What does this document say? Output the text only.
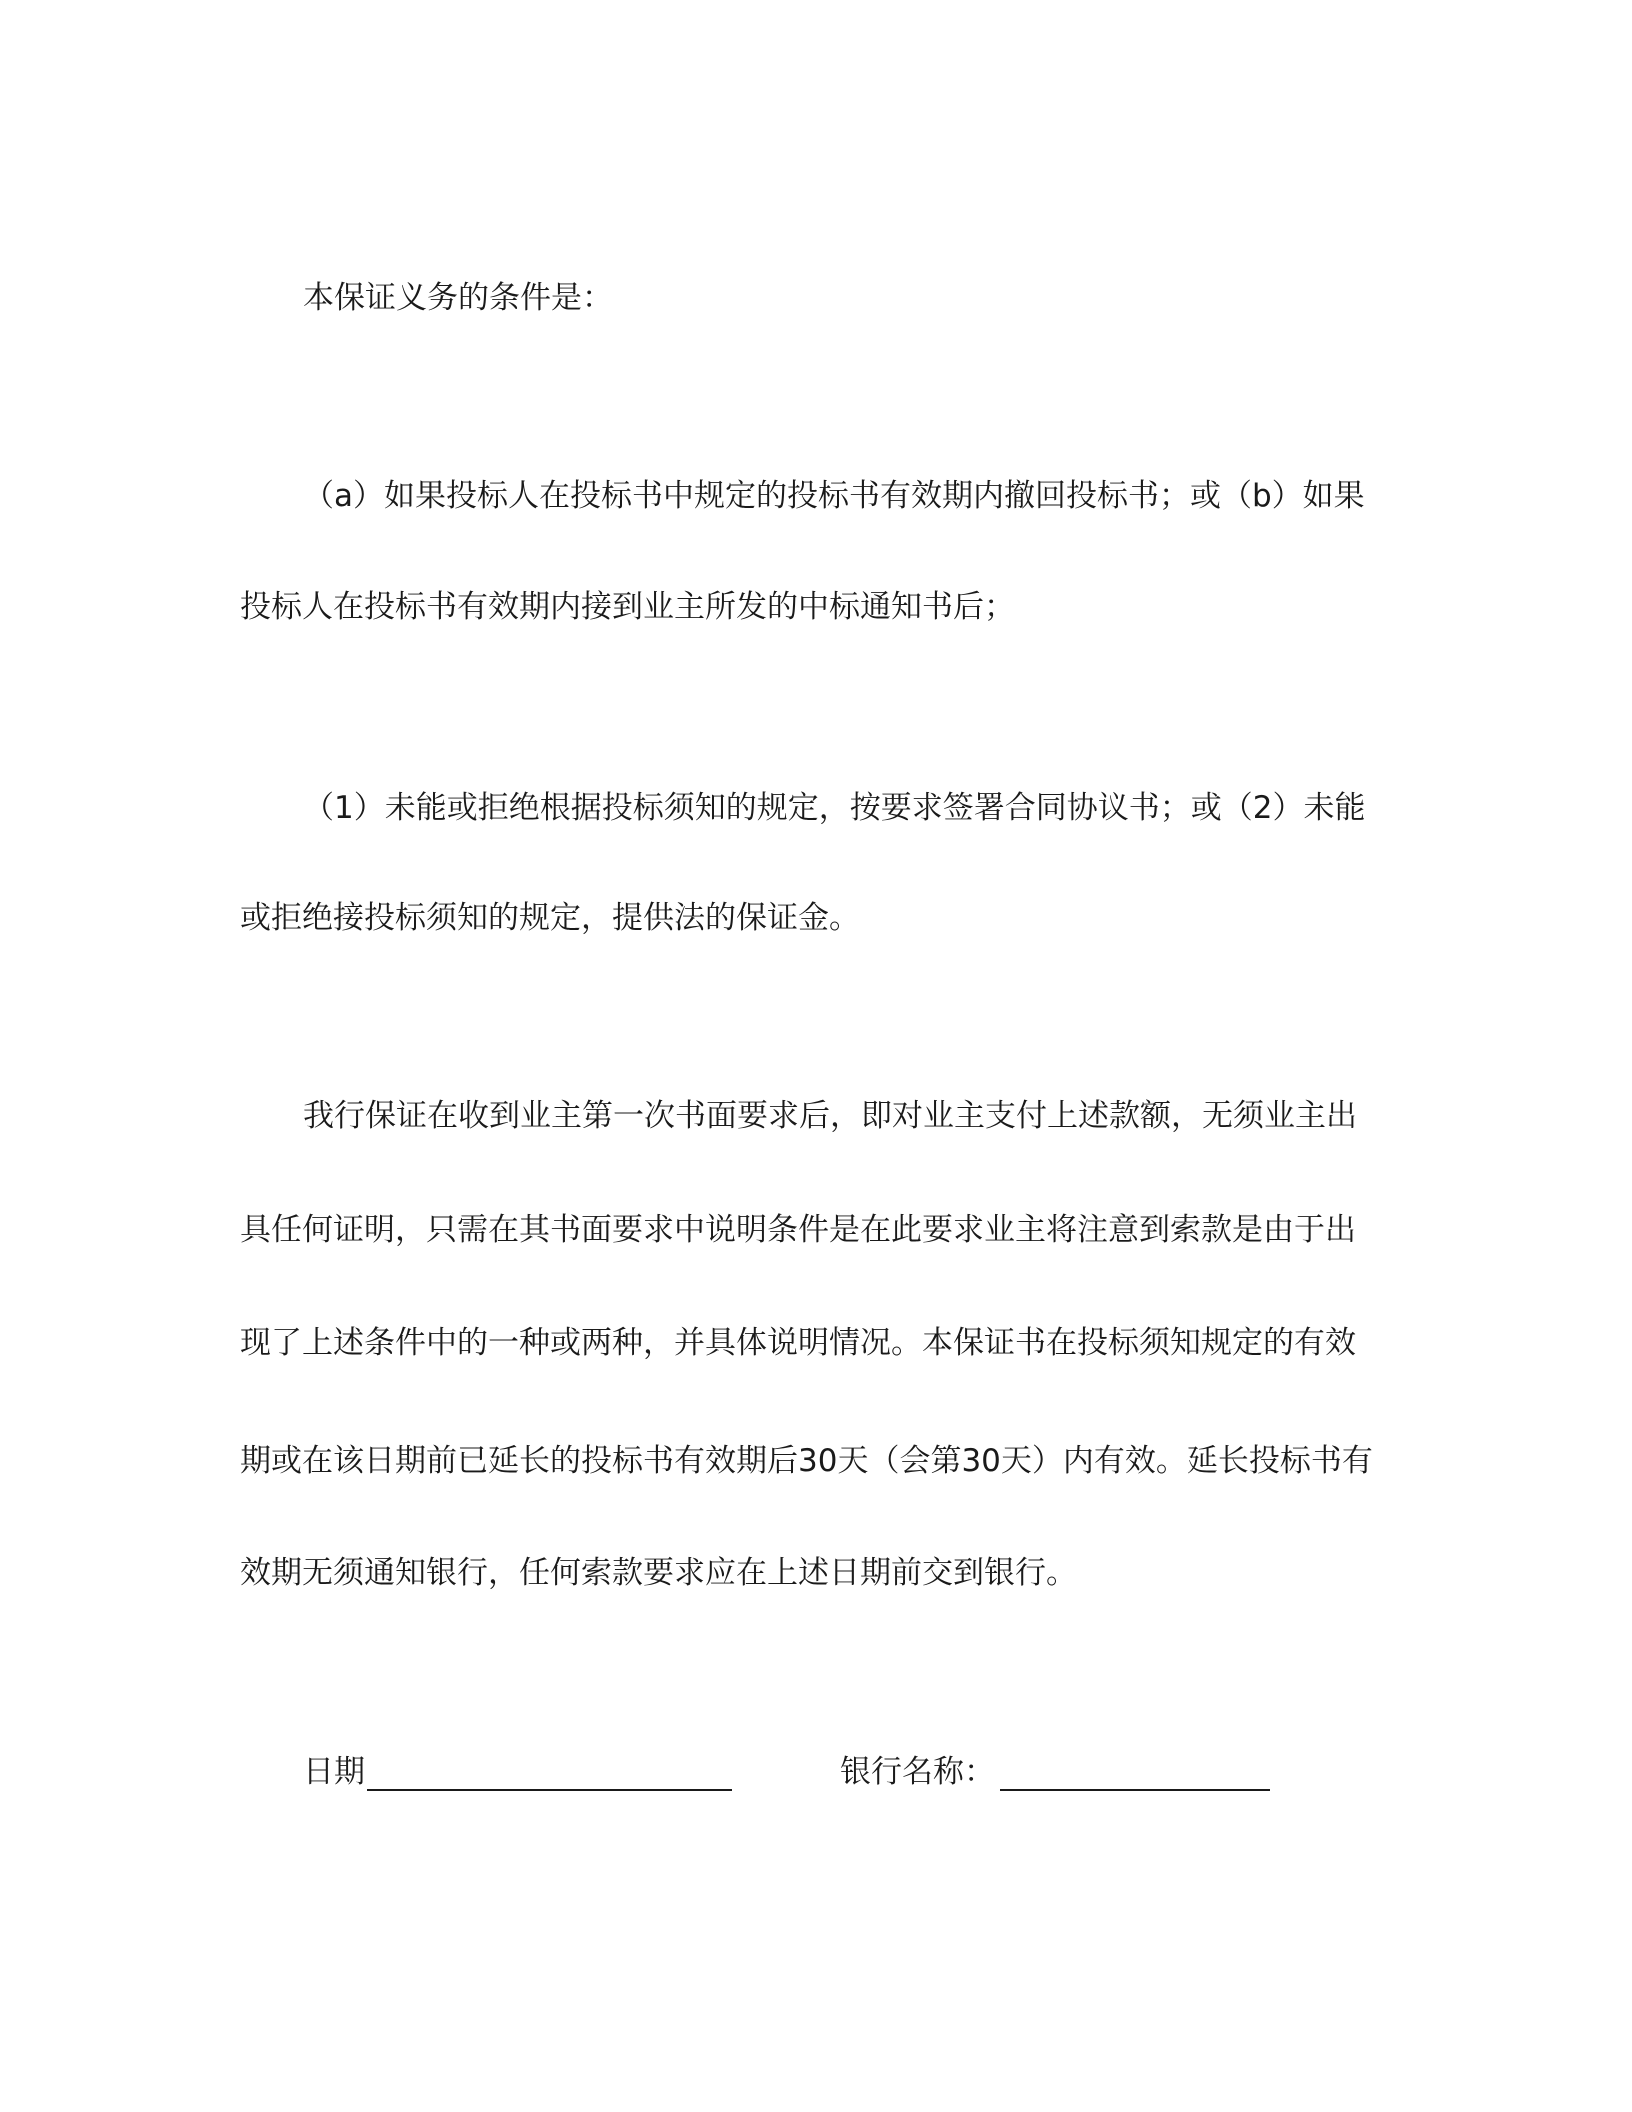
本保证义务的条件是：
（a）如果投标人在投标书中规定的投标书有效期内撤回投标书；或（b）如果
投标人在投标书有效期内接到业主所发的中标通知书后；
（1）未能或拒绝根据投标须知的规定，按要求签署合同协议书；或（2）未能
或拒绝接投标须知的规定，提供法的保证金。
我行保证在收到业主第一次书面要求后，即对业主支付上述款额，无须业主出
具任何证明，只需在其书面要求中说明条件是在此要求业主将注意到索款是由于出
现了上述条件中的一种或两种，并具体说明情况。本保证书在投标须知规定的有效
期或在该日期前已延长的投标书有效期后30天（会第30天）内有效。延长投标书有
效期无须通知银行，任何索款要求应在上述日期前交到银行。
日期	银行名称：
